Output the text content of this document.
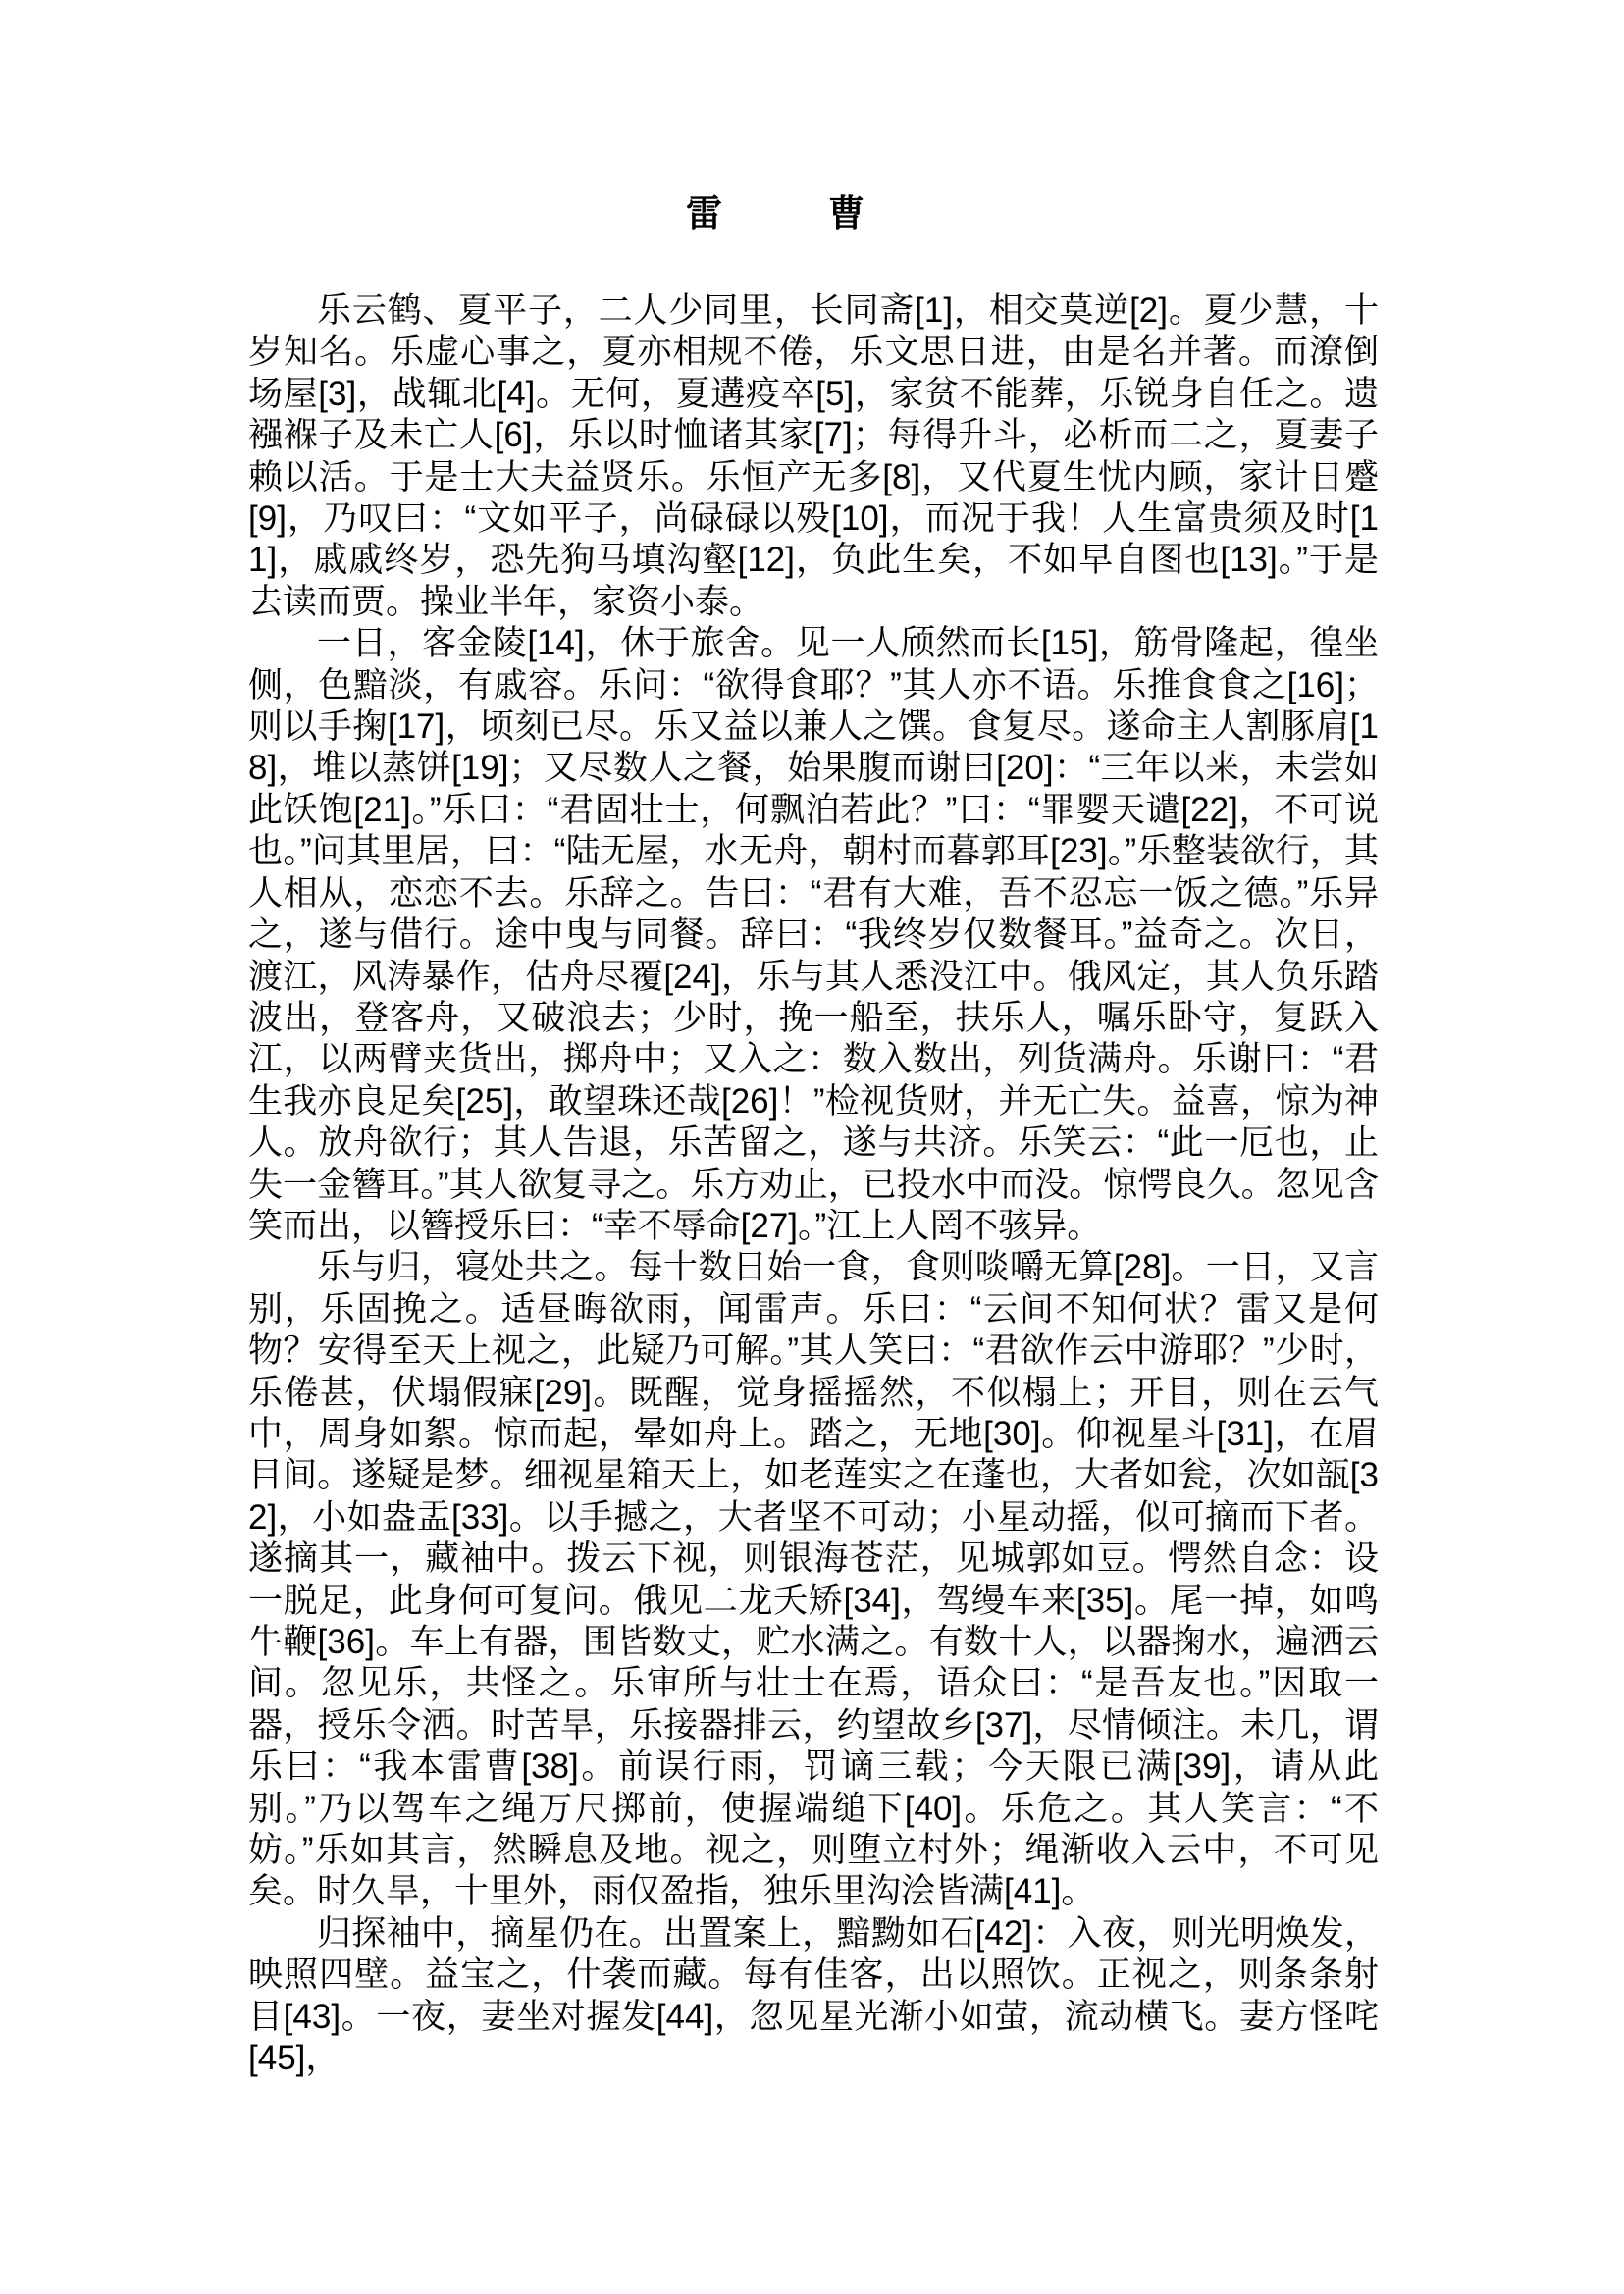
雷	曹

乐云鹤、夏平子，二人少同里，长同斋[1]，相交莫逆[2]。夏少慧，十岁知名。乐虚心事之，夏亦相规不倦，乐文思日进，由是名并著。而潦倒场屋[3]，战辄北[4]。无何，夏遘疫卒[5]，家贫不能葬，乐锐身自任之。遗襁褓子及未亡人[6]，乐以时恤诸其家[7]；每得升斗，必析而二之，夏妻子赖以活。于是士大夫益贤乐。乐恒产无多[8]，又代夏生忧内顾，家计日蹙[9]，乃叹曰：“文如平子，尚碌碌以殁[10]，而况于我！人生富贵须及时[11]，戚戚终岁，恐先狗马填沟壑[12]，负此生矣，不如早自图也[13]。”于是去读而贾。操业半年，家资小泰。

一日，客金陵[14]，休于旅舍。见一人颀然而长[15]，筋骨隆起，徨坐侧，色黯淡，有戚容。乐问：“欲得食耶？”其人亦不语。乐推食食之[16]；则以手掬[17]，顷刻已尽。乐又益以兼人之馔。食复尽。遂命主人割豚肩[18]，堆以蒸饼[19]；又尽数人之餐，始果腹而谢曰[20]：“三年以来，未尝如此饫饱[21]。”乐曰：“君固壮士，何飘泊若此？”曰：“罪婴天谴[22]，不可说也。”问其里居，曰：“陆无屋，水无舟，朝村而暮郭耳[23]。”乐整装欲行，其人相从，恋恋不去。乐辞之。告曰：“君有大难，吾不忍忘一饭之德。”乐异之，遂与借行。途中曳与同餐。辞曰：“我终岁仅数餐耳。”益奇之。次日，渡江，风涛暴作，估舟尽覆[24]，乐与其人悉没江中。俄风定，其人负乐踏波出，登客舟，又破浪去；少时，挽一船至，扶乐人，嘱乐卧守，复跃入江，以两臂夹货出，掷舟中；又入之：数入数出，列货满舟。乐谢曰：“君生我亦良足矣[25]，敢望珠还哉[26]！”检视货财，并无亡失。益喜，惊为神人。放舟欲行；其人告退，乐苦留之，遂与共济。乐笑云：“此一厄也，止失一金簪耳。”其人欲复寻之。乐方劝止，已投水中而没。惊愕良久。忽见含笑而出，以簪授乐曰：“幸不辱命[27]。”江上人罔不骇异。

乐与归，寝处共之。每十数日始一食，食则啖嚼无算[28]。一日，又言别，乐固挽之。适昼晦欲雨，闻雷声。乐曰：“云间不知何状？雷又是何物？安得至天上视之，此疑乃可解。”其人笑曰：“君欲作云中游耶？”少时，乐倦甚，伏塌假寐[29]。既醒，觉身摇摇然，不似榻上；开目，则在云气中，周身如絮。惊而起，晕如舟上。踏之，无地[30]。仰视星斗[31]，在眉目间。遂疑是梦。细视星箱天上，如老莲实之在蓬也，大者如瓮，次如瓿[32]，小如盎盂[33]。以手撼之，大者坚不可动；小星动摇，似可摘而下者。遂摘其一，藏袖中。拨云下视，则银海苍茫，见城郭如豆。愕然自念：设一脱足，此身何可复问。俄见二龙夭矫[34]，驾缦车来[35]。尾一掉，如鸣牛鞭[36]。车上有器，围皆数丈，贮水满之。有数十人，以器掬水，遍洒云间。忽见乐，共怪之。乐审所与壮士在焉，语众曰：“是吾友也。”因取一器，授乐令洒。时苦旱，乐接器排云，约望故乡[37]，尽情倾注。未几，谓乐曰：“我本雷曹[38]。前误行雨，罚谪三载；今天限已满[39]，请从此别。”乃以驾车之绳万尺掷前，使握端缒下[40]。乐危之。其人笑言：“不妨。”乐如其言，然瞬息及地。视之，则堕立村外；绳渐收入云中，不可见矣。时久旱，十里外，雨仅盈指，独乐里沟浍皆满[41]。

归探袖中，摘星仍在。出置案上，黯黝如石[42]：入夜，则光明焕发，映照四壁。益宝之，什袭而藏。每有佳客，出以照饮。正视之，则条条射目[43]。一夜，妻坐对握发[44]，忽见星光渐小如萤，流动横飞。妻方怪咤[45]，
